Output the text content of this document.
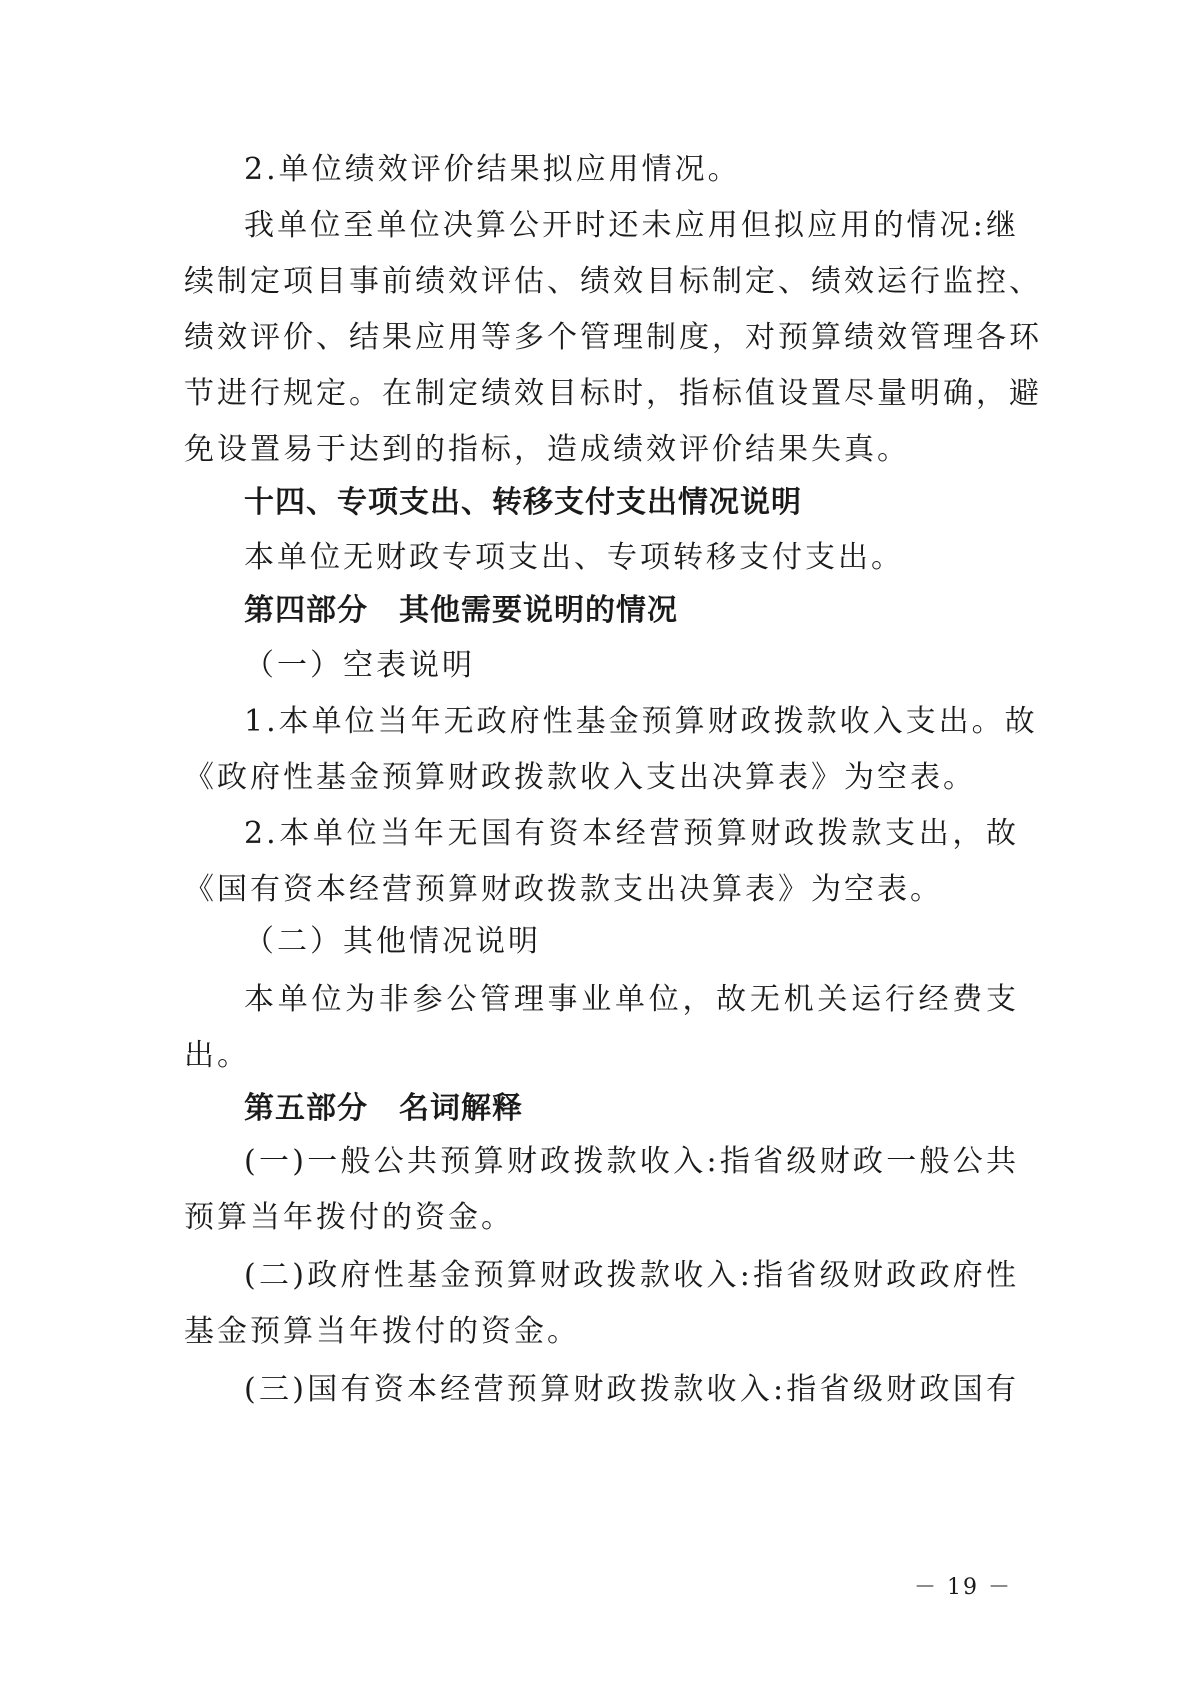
2.单位绩效评价结果拟应用情况。
我单位至单位决算公开时还未应用但拟应用的情况:继
续制定项目事前绩效评估、绩效目标制定、绩效运行监控、
绩效评价、结果应用等多个管理制度，对预算绩效管理各环
节进行规定。在制定绩效目标时，指标值设置尽量明确，避
免设置易于达到的指标，造成绩效评价结果失真。
十四、专项支出、转移支付支出情况说明
本单位无财政专项支出、专项转移支付支出。
第四部分　其他需要说明的情况
（一）空表说明
1.本单位当年无政府性基金预算财政拨款收入支出。故
《政府性基金预算财政拨款收入支出决算表》为空表。
2.本单位当年无国有资本经营预算财政拨款支出，故
《国有资本经营预算财政拨款支出决算表》为空表。
（二）其他情况说明
本单位为非参公管理事业单位，故无机关运行经费支
出。
第五部分　名词解释
(一)一般公共预算财政拨款收入:指省级财政一般公共
预算当年拨付的资金。
(二)政府性基金预算财政拨款收入:指省级财政政府性
基金预算当年拨付的资金。
(三)国有资本经营预算财政拨款收入:指省级财政国有
－ 19 －
